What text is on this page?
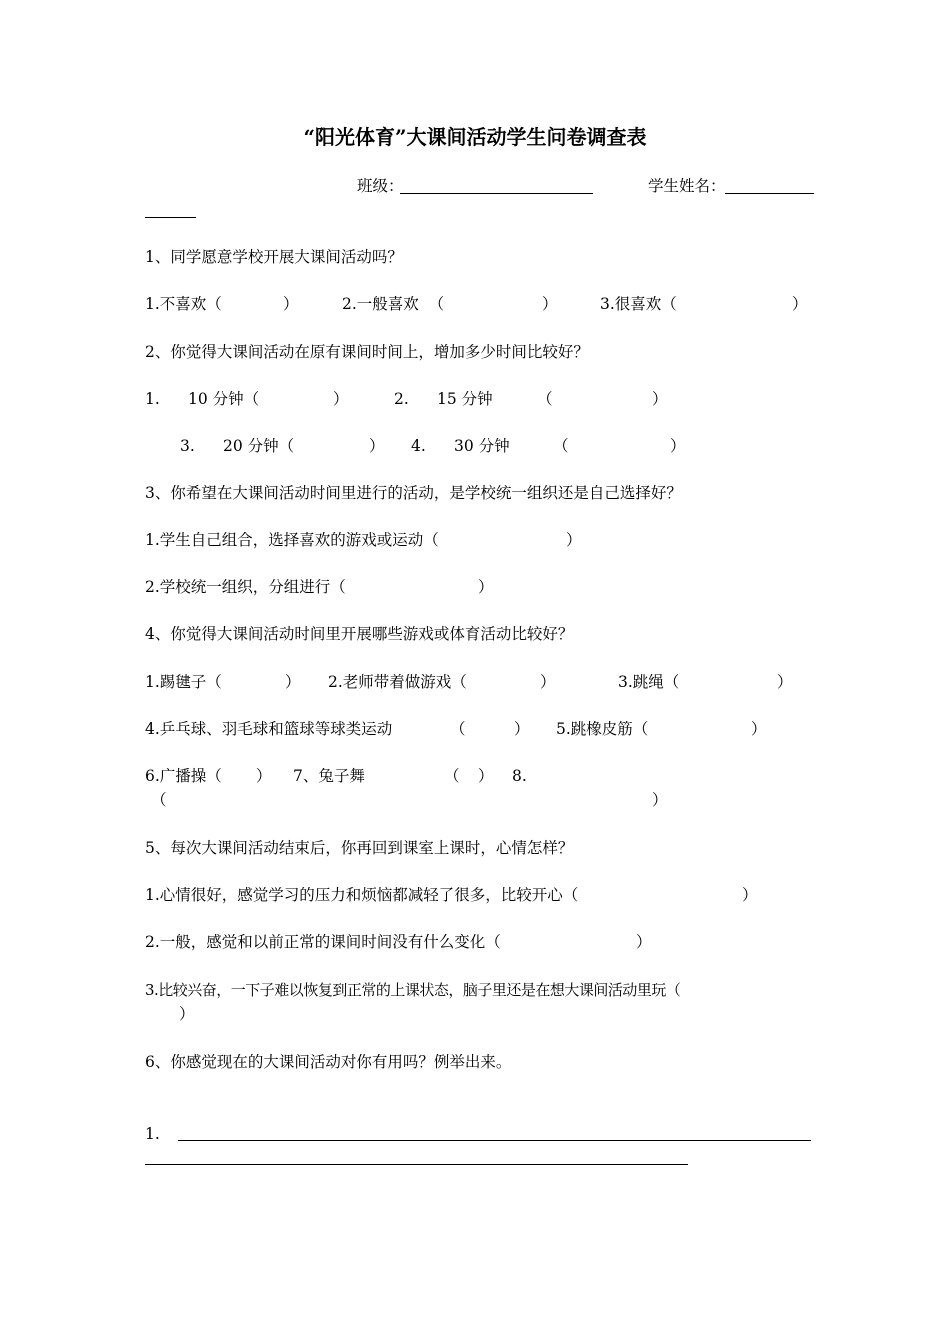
“阳光体育”大课间活动学生问卷调查表
班级：	学生姓名：
1、同学愿意学校开展大课间活动吗？
1.不喜欢（	）	2.一般喜欢  （	）	3.很喜欢（	）
2、你觉得大课间活动在原有课间时间上，增加多少时间比较好？
1. 10 分钟（	）	2. 15 分钟	（	）
3. 20 分钟（	） 4. 30 分钟	（	）
3、你希望在大课间活动时间里进行的活动，是学校统一组织还是自己选择好？
1.学生自己组合，选择喜欢的游戏或运动（	）
2.学校统一组织，分组进行（	）
4、你觉得大课间活动时间里开展哪些游戏或体育活动比较好？
1.踢毽子（	） 2.老师带着做游戏（	）	3.跳绳（	）
4.乒乓球、羽毛球和篮球等球类运动	（	） 5.跳橡皮筋（	）
6.广播操（ ） 7、兔子舞	（ ） 8.
（	）
5、每次大课间活动结束后，你再回到课室上课时，心情怎样？
1.心情很好，感觉学习的压力和烦恼都减轻了很多，比较开心（	）
2.一般，感觉和以前正常的课间时间没有什么变化（	）
3.比较兴奋，一下子难以恢复到正常的上课状态，脑子里还是在想大课间活动里玩（
）
6、你感觉现在的大课间活动对你有用吗？例举出来。
1.
